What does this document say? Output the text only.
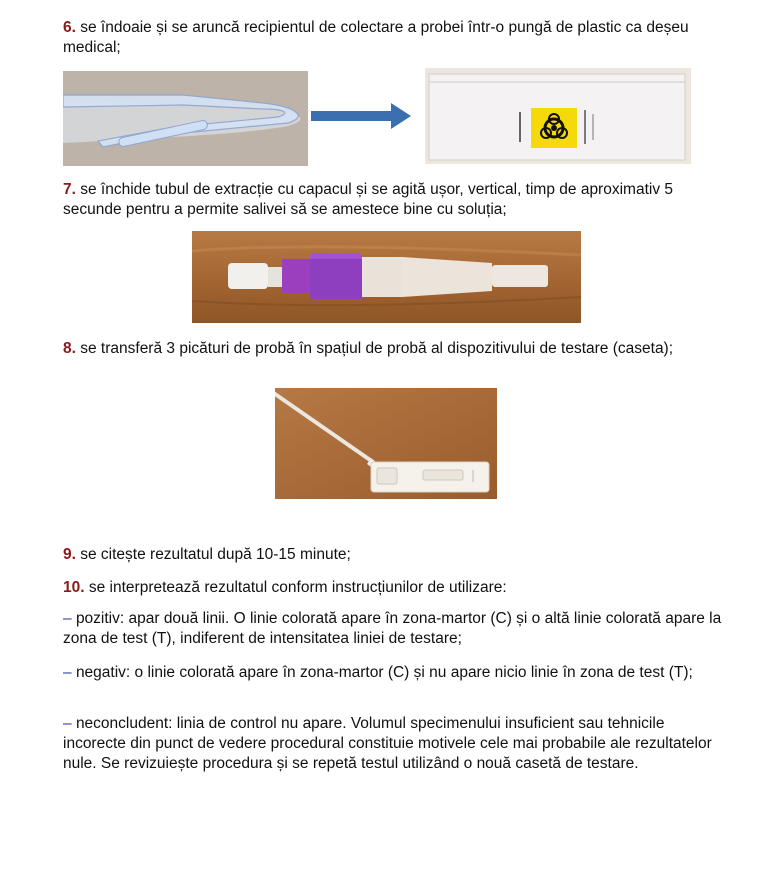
6. se îndoaie și se aruncă recipientul de colectare a probei într-o pungă de plastic ca deșeu medical;

7. se închide tubul de extracție cu capacul și se agită ușor, vertical, timp de aproximativ 5 secunde pentru a permite salivei să se amestece bine cu soluția;

8. se transferă 3 picături de probă în spațiul de probă al dispozitivului de testare (caseta);

9. se citește rezultatul după 10-15 minute;

10. se interpretează rezultatul conform instrucțiunilor de utilizare:

– pozitiv: apar două linii. O linie colorată apare în zona-martor (C) și o altă linie colorată apare la zona de test (T), indiferent de intensitatea liniei de testare;

– negativ: o linie colorată apare în zona-martor (C) și nu apare nicio linie în zona de test (T);

– neconcludent: linia de control nu apare. Volumul specimenului insuficient sau tehnicile incorecte din punct de vedere procedural constituie motivele cele mai probabile ale rezultatelor nule. Se revizuiește procedura și se repetă testul utilizând o nouă casetă de testare.
